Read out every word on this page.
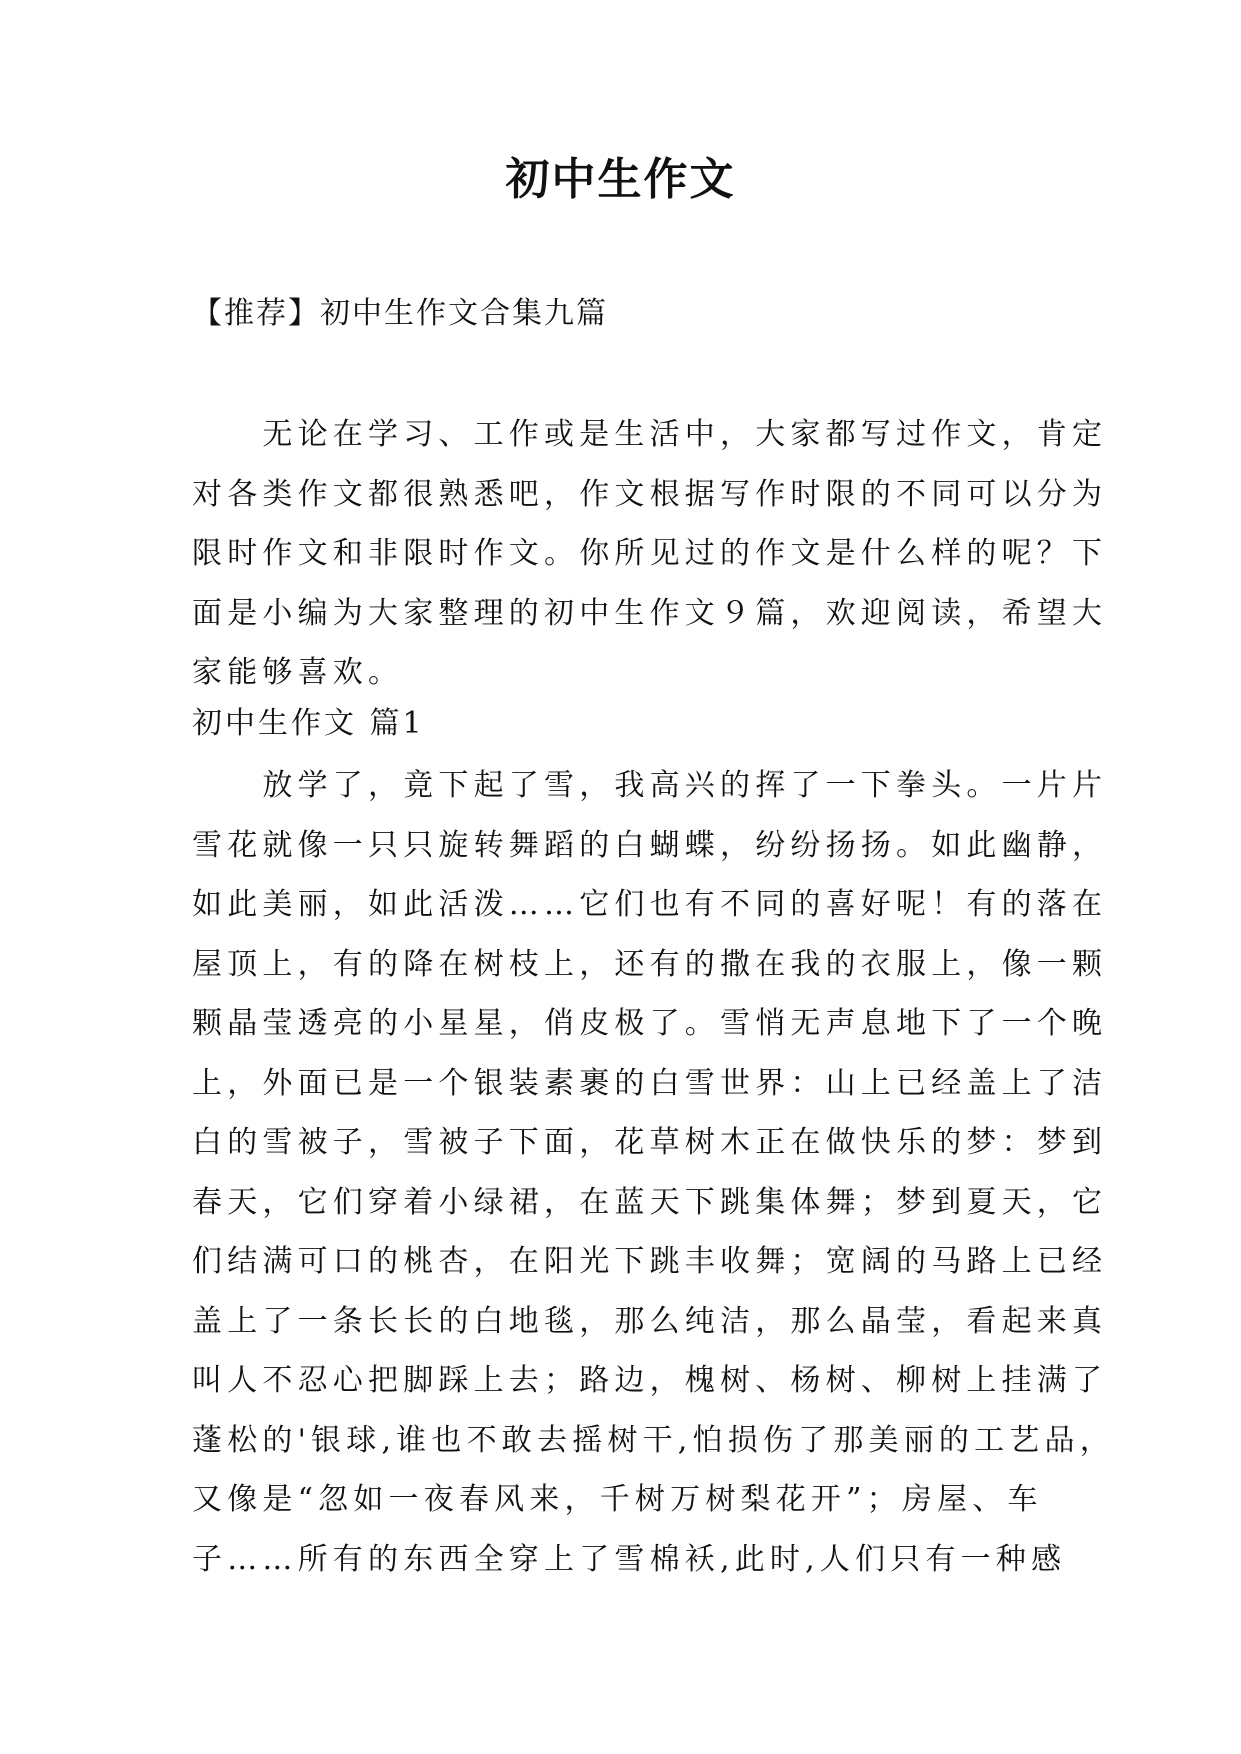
初中生作文
【推荐】初中生作文合集九篇
　　无论在学习、工作或是生活中，大家都写过作文，肯定
对各类作文都很熟悉吧，作文根据写作时限的不同可以分为
限时作文和非限时作文。你所见过的作文是什么样的呢？下
面是小编为大家整理的初中生作文９篇，欢迎阅读，希望大
家能够喜欢。
初中生作文 篇1
　　放学了，竟下起了雪，我高兴的挥了一下拳头。一片片
雪花就像一只只旋转舞蹈的白蝴蝶，纷纷扬扬。如此幽静，
如此美丽，如此活泼……它们也有不同的喜好呢！有的落在
屋顶上，有的降在树枝上，还有的撒在我的衣服上，像一颗
颗晶莹透亮的小星星，俏皮极了。雪悄无声息地下了一个晚
上，外面已是一个银装素裹的白雪世界：山上已经盖上了洁
白的雪被子，雪被子下面，花草树木正在做快乐的梦：梦到
春天，它们穿着小绿裙，在蓝天下跳集体舞；梦到夏天，它
们结满可口的桃杏，在阳光下跳丰收舞；宽阔的马路上已经
盖上了一条长长的白地毯，那么纯洁，那么晶莹，看起来真
叫人不忍心把脚踩上去；路边，槐树、杨树、柳树上挂满了
蓬松的'银球,谁也不敢去摇树干,怕损伤了那美丽的工艺品，
又像是“忽如一夜春风来，千树万树梨花开”；房屋、车
子……所有的东西全穿上了雪棉袄,此时,人们只有一种感
